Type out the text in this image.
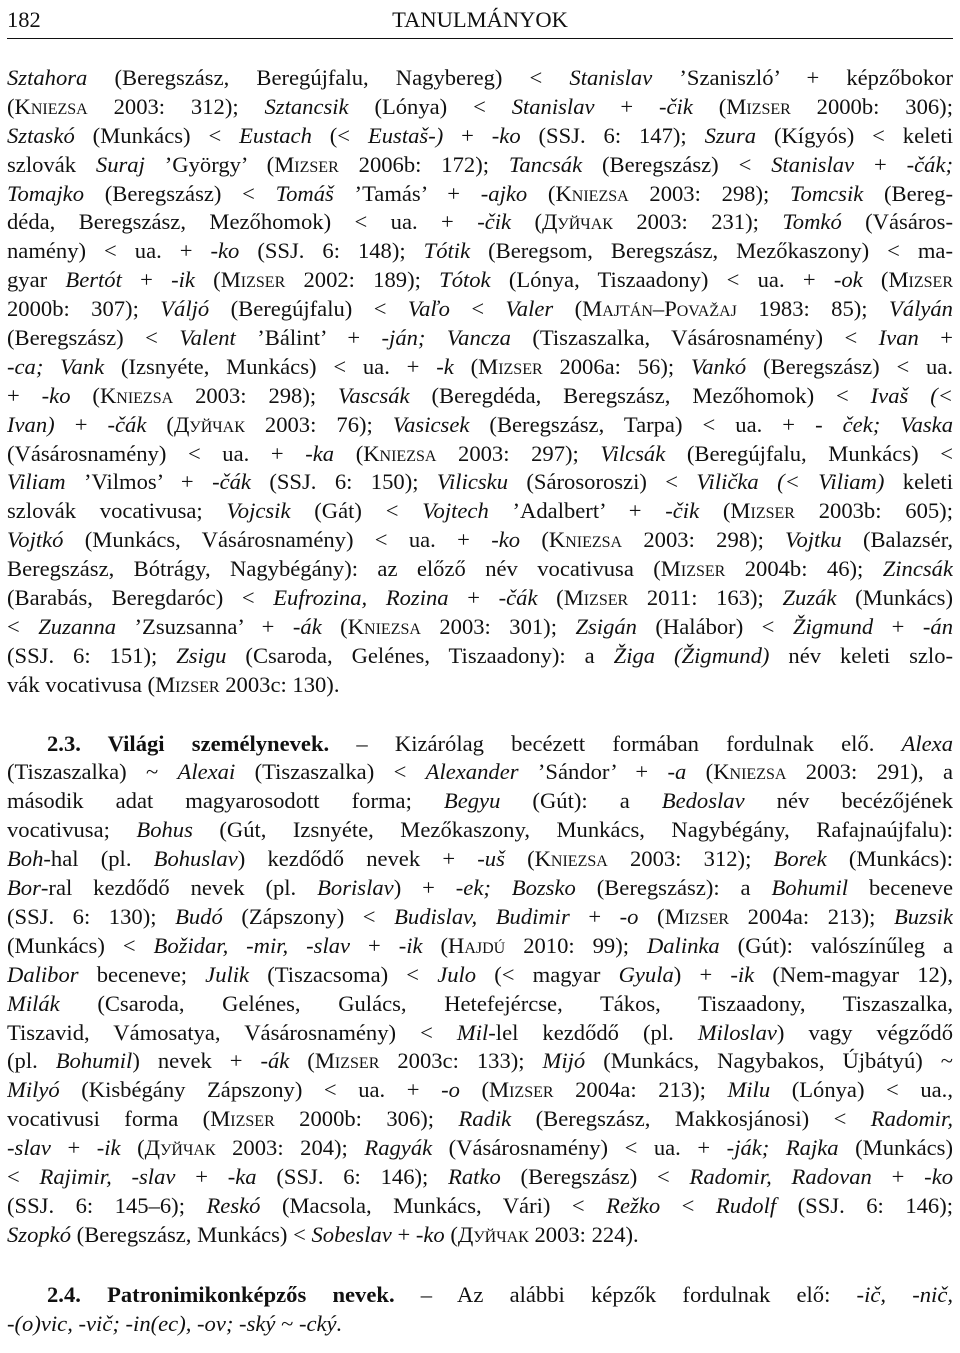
182	TANULMÁNYOK
Sztahora (Beregszász, Beregújfalu, Nagybereg) < Stanislav ’Szaniszló’ + képzőbokor
(Kniezsa 2003: 312); Sztancsik (Lónya) < Stanislav + -čik (Mizser 2000b: 306);
Sztaskó (Munkács) < Eustach (< Eustaš-) + -ko (SSJ. 6: 147); Szura (Kígyós) < keleti
szlovák Suraj ’György’ (Mizser 2006b: 172); Tancsák (Beregszász) < Stanislav + -čák;
Tomajko (Beregszász) < Tomáš ’Tamás’ + -ajko (Kniezsa 2003: 298); Tomcsik (Bereg-
déda, Beregszász, Mezőhomok) < ua. + -čik (Дуйчак 2003: 231); Tomkó (Vásáros-
namény) < ua. + -ko (SSJ. 6: 148); Tótik (Beregsom, Beregszász, Mezőkaszony) < ma-
gyar Bertót + -ik (Mizser 2002: 189); Tótok (Lónya, Tiszaadony) < ua. + -ok (Mizser
2000b: 307); Váljó (Beregújfalu) < Vaľo < Valer (Majtán–Považaj 1983: 85); Vályán
(Beregszász) < Valent ’Bálint’ + -ján; Vancza (Tiszaszalka, Vásárosnamény) < Ivan +
-ca; Vank (Izsnyéte, Munkács) < ua. + -k (Mizser 2006a: 56); Vankó (Beregszász) < ua.
+ -ko (Kniezsa 2003: 298); Vascsák (Beregdéda, Beregszász, Mezőhomok) < Ivaš (<
Ivan) + -čák (Дуйчак 2003: 76); Vasicsek (Beregszász, Tarpa) < ua. + - ček; Vaska
(Vásárosnamény) < ua. + -ka (Kniezsa 2003: 297); Vilcsák (Beregújfalu, Munkács) <
Viliam ’Vilmos’ + -čák (SSJ. 6: 150); Vilicsku (Sárosoroszi) < Vilička (< Viliam) keleti
szlovák vocativusa; Vojcsik (Gát) < Vojtech ’Adalbert’ + -čik (Mizser 2003b: 605);
Vojtkó (Munkács, Vásárosnamény) < ua. + -ko (Kniezsa 2003: 298); Vojtku (Balazsér,
Beregszász, Bótrágy, Nagybégány): az előző név vocativusa (Mizser 2004b: 46); Zincsák
(Barabás, Beregdaróc) < Eufrozina, Rozina + -čák (Mizser 2011: 163); Zuzák (Munkács)
< Zuzanna ’Zsuzsanna’ + -ák (Kniezsa 2003: 301); Zsigán (Halábor) < Žigmund + -án
(SSJ. 6: 151); Zsigu (Csaroda, Gelénes, Tiszaadony): a Žiga (Žigmund) név keleti szlo-
vák vocativusa (Mizser 2003c: 130).
2.3. Világi személynevek. – Kizárólag becézett formában fordulnak elő. Alexa
(Tiszaszalka) ~ Alexai (Tiszaszalka) < Alexander ’Sándor’ + -a (Kniezsa 2003: 291), a
második adat magyarosodott forma; Begyu (Gút): a Bedoslav név becézőjének
vocativusa; Bohus (Gút, Izsnyéte, Mezőkaszony, Munkács, Nagybégány, Rafajnaújfalu):
Boh-hal (pl. Bohuslav) kezdődő nevek + -uš (Kniezsa 2003: 312); Borek (Munkács):
Bor-ral kezdődő nevek (pl. Borislav) + -ek; Bozsko (Beregszász): a Bohumil beceneve
(SSJ. 6: 130); Budó (Zápszony) < Budislav, Budimir + -o (Mizser 2004a: 213); Buzsik
(Munkács) < Božidar, -mir, -slav + -ik (Hajdú 2010: 99); Dalinka (Gút): valószínűleg a
Dalibor beceneve; Julik (Tiszacsoma) < Julo (< magyar Gyula) + -ik (Nem-magyar 12),
Milák (Csaroda, Gelénes, Gulács, Hetefejércse, Tákos, Tiszaadony, Tiszaszalka,
Tiszavid, Vámosatya, Vásárosnamény) < Mil-lel kezdődő (pl. Miloslav) vagy végződő
(pl. Bohumil) nevek + -ák (Mizser 2003c: 133); Mijó (Munkács, Nagybakos, Újbátyú) ~
Milyó (Kisbégány Zápszony) < ua. + -o (Mizser 2004a: 213); Milu (Lónya) < ua.,
vocativusi forma (Mizser 2000b: 306); Radik (Beregszász, Makkosjánosi) < Radomir,
-slav + -ik (Дуйчак 2003: 204); Ragyák (Vásárosnamény) < ua. + -ják; Rajka (Munkács)
< Rajimir, -slav + -ka (SSJ. 6: 146); Ratko (Beregszász) < Radomir, Radovan + -ko
(SSJ. 6: 145–6); Reskó (Macsola, Munkács, Vári) < Režko < Rudolf (SSJ. 6: 146);
Szopkó (Beregszász, Munkács) < Sobeslav + -ko (Дуйчак 2003: 224).
2.4. Patronimikonképzős nevek. – Az alábbi képzők fordulnak elő: -ič, -nič,
-(o)vic, -vič; -in(ec), -ov; -ský ~ -cký.
